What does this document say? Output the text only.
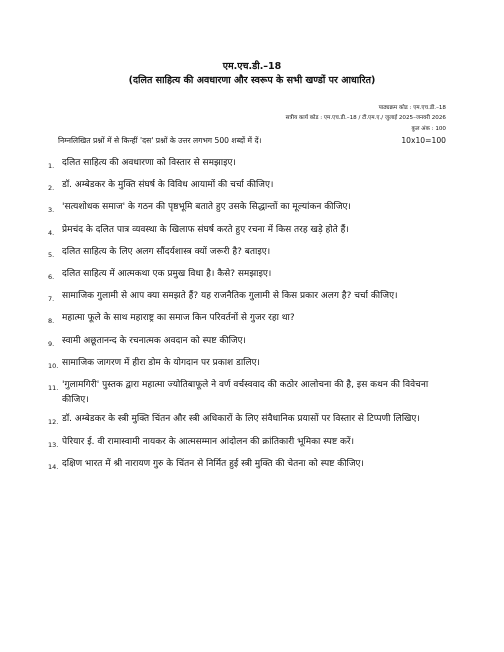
एम.एच.डी.–18
(दलित साहित्य की अवधारणा और स्वरूप के सभी खण्डों पर आधारित)
पाठ्यक्रम कोड : एम.एच.डी.–18
सत्रीय कार्य कोड : एम.एच.डी.–18 / टी.एम.ए./ जुलाई 2025–जनवरी 2026
कुल अंक : 100
निम्नलिखित प्रश्नों में से किन्हीं 'दस' प्रश्नों के उत्तर लगभग 500 शब्दों में दें।	10x10=100
1. दलित साहित्य की अवधारणा को विस्तार से समझाइए।
2. डॉ. अम्बेडकर के मुक्ति संघर्ष के विविध आयामों की चर्चा कीजिए।
3. 'सत्यशोधक समाज' के गठन की पृष्ठभूमि बताते हुए उसके सिद्धान्तों का मूल्यांकन कीजिए।
4. प्रेमचंद के दलित पात्र व्यवस्था के खिलाफ संघर्ष करते हुए रचना में किस तरह खड़े होते हैं।
5. दलित साहित्य के लिए अलग सौंदर्यशास्त्र क्यों जरूरी है? बताइए।
6. दलित साहित्य में आत्मकथा एक प्रमुख विधा है। कैसे? समझाइए।
7. सामाजिक गुलामी से आप क्या समझते हैं? यह राजनैतिक गुलामी से किस प्रकार अलग है? चर्चा कीजिए।
8. महात्मा फूले के साथ महाराष्ट्र का समाज किन परिवर्तनों से गुजर रहा था?
9. स्वामी अछूतानन्द के रचनात्मक अवदान को स्पष्ट कीजिए।
10. सामाजिक जागरण में हीरा डोम के योगदान पर प्रकाश डालिए।
11. 'गुलामगिरी' पुस्तक द्वारा महात्मा ज्योतिबाफूले ने वर्ण वर्चस्ववाद की कठोर आलोचना की है, इस कथन की विवेचना कीजिए।
12. डॉ. अम्बेडकर के स्त्री मुक्ति चिंतन और स्त्री अधिकारों के लिए संवैधानिक प्रयासों पर विस्तार से टिप्पणी लिखिए।
13. पेरियार ई. वी रामास्वामी नायकर के आत्मसम्मान आंदोलन की क्रांतिकारी भूमिका स्पष्ट करें।
14. दक्षिण भारत में श्री नारायण गुरु के चिंतन से निर्मित हुई स्त्री मुक्ति की चेतना को स्पष्ट कीजिए।
